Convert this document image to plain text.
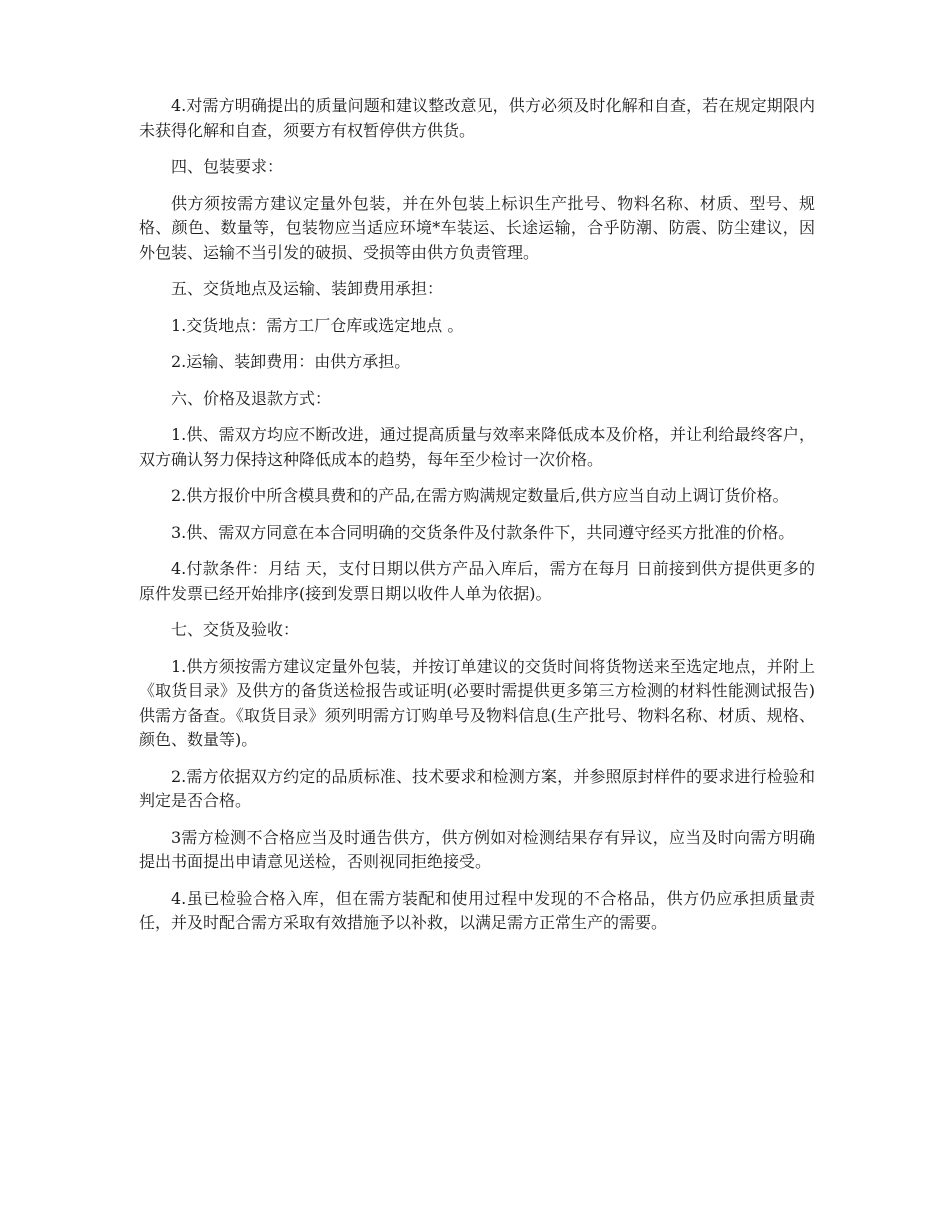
4.对需方明确提出的质量问题和建议整改意见，供方必须及时化解和自查，若在规定期限内未获得化解和自查，须要方有权暂停供方供货。

四、包装要求：

供方须按需方建议定量外包装，并在外包装上标识生产批号、物料名称、材质、型号、规格、颜色、数量等，包装物应当适应环境*车装运、长途运输，合乎防潮、防震、防尘建议，因外包装、运输不当引发的破损、受损等由供方负责管理。

五、交货地点及运输、装卸费用承担：

1.交货地点：需方工厂仓库或选定地点 。

2.运输、装卸费用：由供方承担。

六、价格及退款方式：

1.供、需双方均应不断改进，通过提高质量与效率来降低成本及价格，并让利给最终客户，双方确认努力保持这种降低成本的趋势，每年至少检讨一次价格。

2.供方报价中所含模具费和的产品,在需方购满规定数量后,供方应当自动上调订货价格。

3.供、需双方同意在本合同明确的交货条件及付款条件下，共同遵守经买方批准的价格。

4.付款条件：月结 天，支付日期以供方产品入库后，需方在每月 日前接到供方提供更多的原件发票已经开始排序(接到发票日期以收件人单为依据)。

七、交货及验收：

1.供方须按需方建议定量外包装，并按订单建议的交货时间将货物送来至选定地点，并附上《取货目录》及供方的备货送检报告或证明(必要时需提供更多第三方检测的材料性能测试报告)供需方备查。《取货目录》须列明需方订购单号及物料信息(生产批号、物料名称、材质、规格、颜色、数量等)。

2.需方依据双方约定的品质标准、技术要求和检测方案，并参照原封样件的要求进行检验和判定是否合格。

3需方检测不合格应当及时通告供方，供方例如对检测结果存有异议，应当及时向需方明确提出书面提出申请意见送检，否则视同拒绝接受。

4.虽已检验合格入库，但在需方装配和使用过程中发现的不合格品，供方仍应承担质量责任，并及时配合需方采取有效措施予以补救，以满足需方正常生产的需要。
